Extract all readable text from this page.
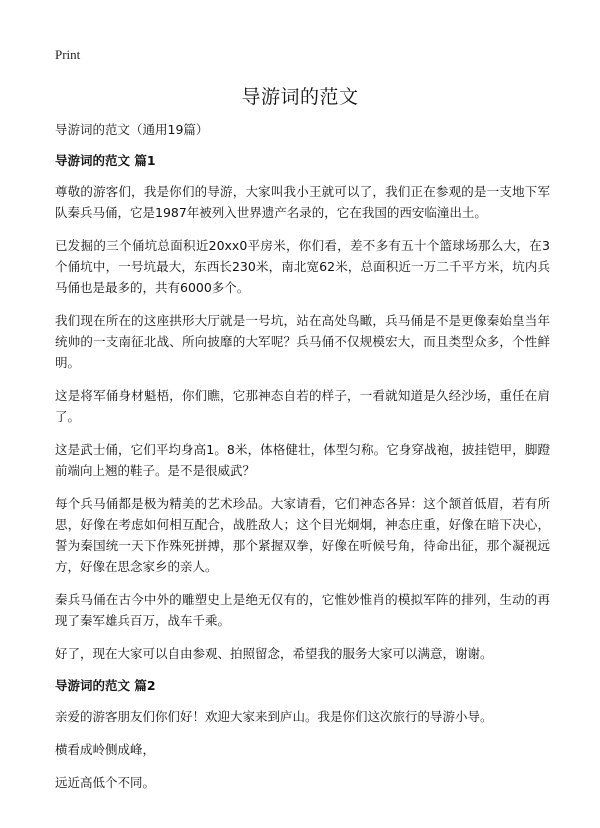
Print
导游词的范文

导游词的范文（通用19篇）

导游词的范文 篇1

尊敬的游客们，我是你们的导游，大家叫我小王就可以了，我们正在参观的是一支地下军队秦兵马俑，它是1987年被列入世界遗产名录的，它在我国的西安临潼出土。

已发掘的三个俑坑总面积近20xx0平房米，你们看，差不多有五十个篮球场那么大，在3个俑坑中，一号坑最大，东西长230米，南北宽62米，总面积近一万二千平方米，坑内兵马俑也是最多的，共有6000多个。

我们现在所在的这座拱形大厅就是一号坑，站在高处鸟瞰，兵马俑是不是更像秦始皇当年统帅的一支南征北战、所向披靡的大军呢？兵马俑不仅规模宏大，而且类型众多，个性鲜明。

这是将军俑身材魁梧，你们瞧，它那神态自若的样子，一看就知道是久经沙场，重任在肩了。

这是武士俑，它们平均身高1。8米，体格健壮，体型匀称。它身穿战袍，披挂铠甲，脚蹬前端向上翘的鞋子。是不是很威武？

每个兵马俑都是极为精美的艺术珍品。大家请看，它们神态各异：这个颔首低眉，若有所思，好像在考虑如何相互配合，战胜敌人；这个目光炯炯，神态庄重，好像在暗下决心，誓为秦国统一天下作殊死拼搏，那个紧握双拳，好像在听候号角，待命出征，那个凝视远方，好像在思念家乡的亲人。

秦兵马俑在古今中外的雕塑史上是绝无仅有的，它惟妙惟肖的模拟军阵的排列，生动的再现了秦军雄兵百万，战车千乘。

好了，现在大家可以自由参观、拍照留念，希望我的服务大家可以满意，谢谢。

导游词的范文 篇2

亲爱的游客朋友们你们好！欢迎大家来到庐山。我是你们这次旅行的导游小导。

横看成岭侧成峰，

远近高低个不同。
